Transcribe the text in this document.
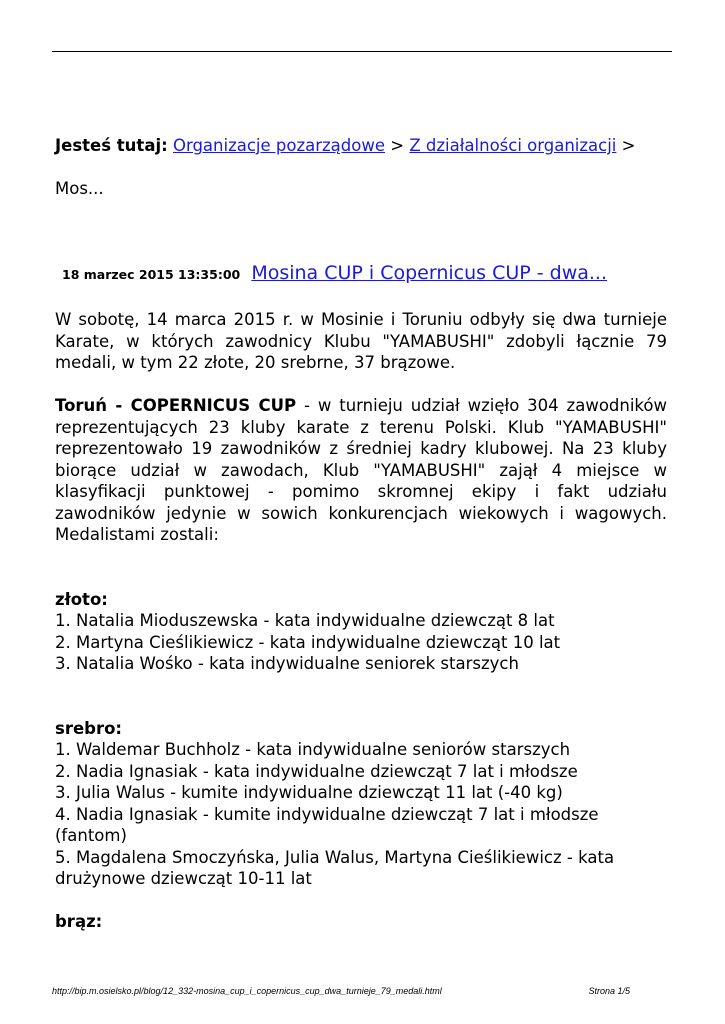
Jesteś tutaj: Organizacje pozarządowe > Z działalności organizacji >
Mos...
18 marzec 2015 13:35:00 Mosina CUP i Copernicus CUP - dwa...

W sobotę, 14 marca 2015 r. w Mosinie i Toruniu odbyły się dwa turnieje Karate, w których zawodnicy Klubu "YAMABUSHI" zdobyli łącznie 79 medali, w tym 22 złote, 20 srebrne, 37 brązowe.

Toruń - COPERNICUS CUP - w turnieju udział wzięło 304 zawodników reprezentujących 23 kluby karate z terenu Polski. Klub "YAMABUSHI" reprezentowało 19 zawodników z średniej kadry klubowej. Na 23 kluby biorące udział w zawodach, Klub "YAMABUSHI" zajął 4 miejsce w klasyfikacji punktowej - pomimo skromnej ekipy i fakt udziału zawodników jedynie w sowich konkurencjach wiekowych i wagowych. Medalistami zostali:

złoto:

1. Natalia Mioduszewska - kata indywidualne dziewcząt 8 lat

2. Martyna Cieślikiewicz - kata indywidualne dziewcząt 10 lat

3. Natalia Wośko - kata indywidualne seniorek starszych

srebro:

1. Waldemar Buchholz - kata indywidualne seniorów starszych

2. Nadia Ignasiak - kata indywidualne dziewcząt 7 lat i młodsze

3. Julia Walus - kumite indywidualne dziewcząt 11 lat (-40 kg)

4. Nadia Ignasiak - kumite indywidualne dziewcząt 7 lat i młodsze (fantom)

5. Magdalena Smoczyńska, Julia Walus, Martyna Cieślikiewicz - kata drużynowe dziewcząt 10-11 lat

brąz:

http://bip.m.osielsko.pl/blog/12_332-mosina_cup_i_copernicus_cup_dwa_turnieje_79_medali.html	Strona 1/5
